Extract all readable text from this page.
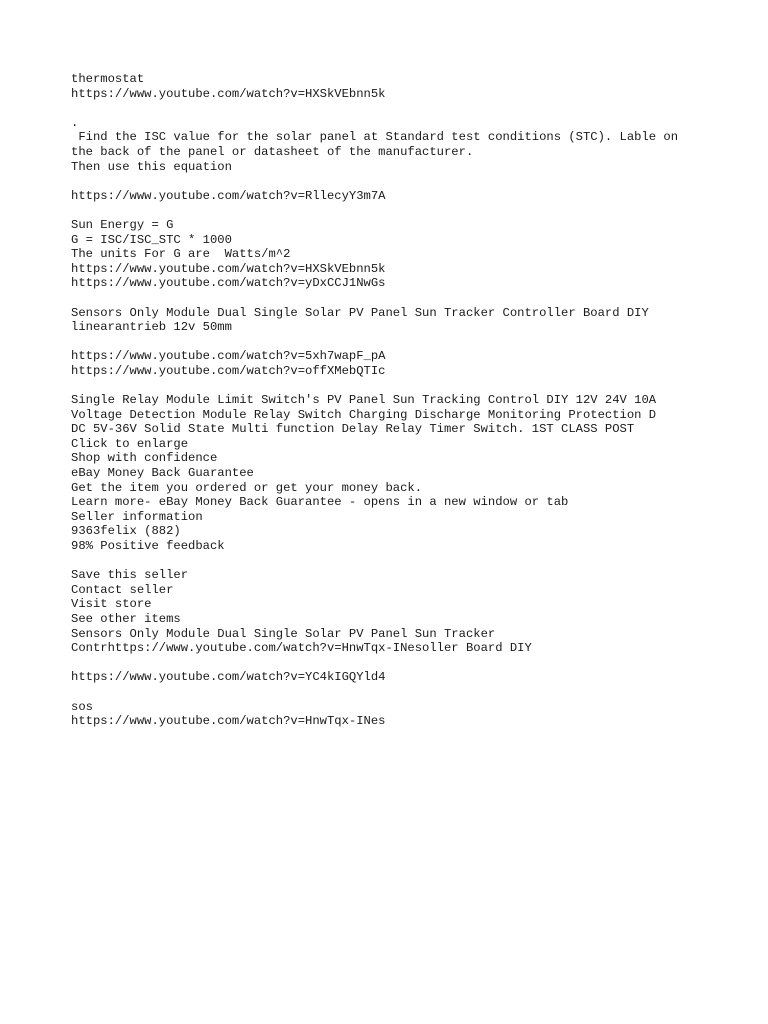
thermostat
https://www.youtube.com/watch?v=HXSkVEbnn5k
.
Find the ISC value for the solar panel at Standard test conditions (STC). Lable on
the back of the panel or datasheet of the manufacturer.
Then use this equation
https://www.youtube.com/watch?v=RllecyY3m7A
Sun Energy = G
G = ISC/ISC_STC * 1000
The units For G are  Watts/m^2
https://www.youtube.com/watch?v=HXSkVEbnn5k
https://www.youtube.com/watch?v=yDxCCJ1NwGs
Sensors Only Module Dual Single Solar PV Panel Sun Tracker Controller Board DIY
linearantrieb 12v 50mm
https://www.youtube.com/watch?v=5xh7wapF_pA
https://www.youtube.com/watch?v=offXMebQTIc
Single Relay Module Limit Switch's PV Panel Sun Tracking Control DIY 12V 24V 10A
Voltage Detection Module Relay Switch Charging Discharge Monitoring Protection D
DC 5V-36V Solid State Multi function Delay Relay Timer Switch. 1ST CLASS POST
Click to enlarge
Shop with confidence
eBay Money Back Guarantee
Get the item you ordered or get your money back.
Learn more- eBay Money Back Guarantee - opens in a new window or tab
Seller information
9363felix (882)
98% Positive feedback
Save this seller
Contact seller
Visit store
See other items
Sensors Only Module Dual Single Solar PV Panel Sun Tracker
Contrhttps://www.youtube.com/watch?v=HnwTqx-INesoller Board DIY
https://www.youtube.com/watch?v=YC4kIGQYld4
sos
https://www.youtube.com/watch?v=HnwTqx-INes
